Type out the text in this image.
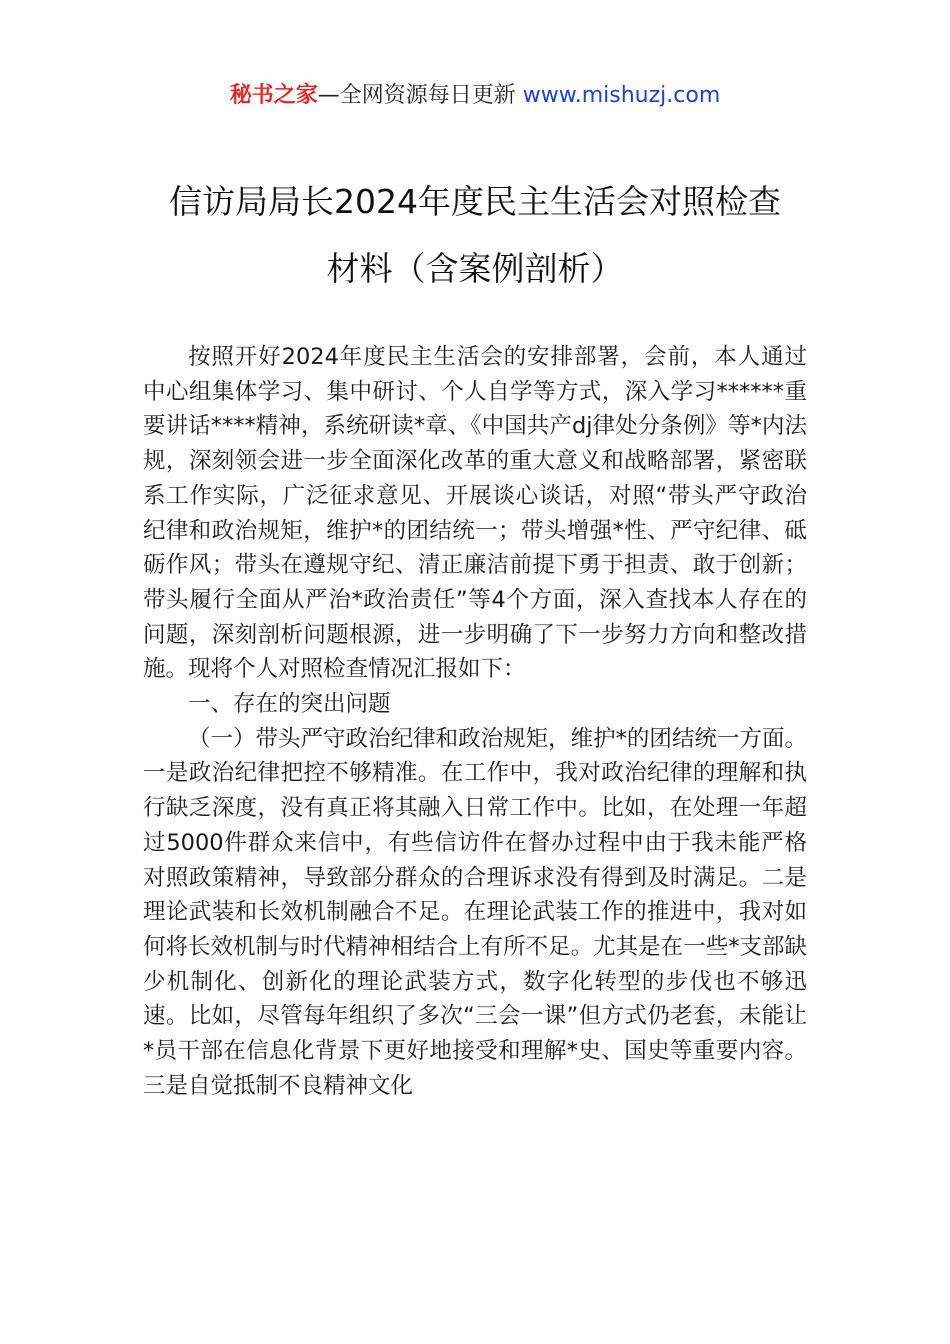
秘书之家—全网资源每日更新 www.mishuzj.com
信访局局长2024年度民主生活会对照检查
材料（含案例剖析）

按照开好2024年度民主生活会的安排部署，会前，本人通过中心组集体学习、集中研讨、个人自学等方式，深入学习******重要讲话****精神，系统研读*章、《中国共产dj律处分条例》等*内法规，深刻领会进一步全面深化改革的重大意义和战略部署，紧密联系工作实际，广泛征求意见、开展谈心谈话，对照“带头严守政治纪律和政治规矩，维护*的团结统一；带头增强*性、严守纪律、砥砺作风；带头在遵规守纪、清正廉洁前提下勇于担责、敢于创新；带头履行全面从严治*政治责任”等4个方面，深入查找本人存在的问题，深刻剖析问题根源，进一步明确了下一步努力方向和整改措施。现将个人对照检查情况汇报如下：

一、存在的突出问题

（一）带头严守政治纪律和政治规矩，维护*的团结统一方面。一是政治纪律把控不够精准。在工作中，我对政治纪律的理解和执行缺乏深度，没有真正将其融入日常工作中。比如，在处理一年超过5000件群众来信中，有些信访件在督办过程中由于我未能严格对照政策精神，导致部分群众的合理诉求没有得到及时满足。二是理论武装和长效机制融合不足。在理论武装工作的推进中，我对如何将长效机制与时代精神相结合上有所不足。尤其是在一些*支部缺少机制化、创新化的理论武装方式，数字化转型的步伐也不够迅速。比如，尽管每年组织了多次“三会一课”但方式仍老套，未能让*员干部在信息化背景下更好地接受和理解*史、国史等重要内容。三是自觉抵制不良精神文化
